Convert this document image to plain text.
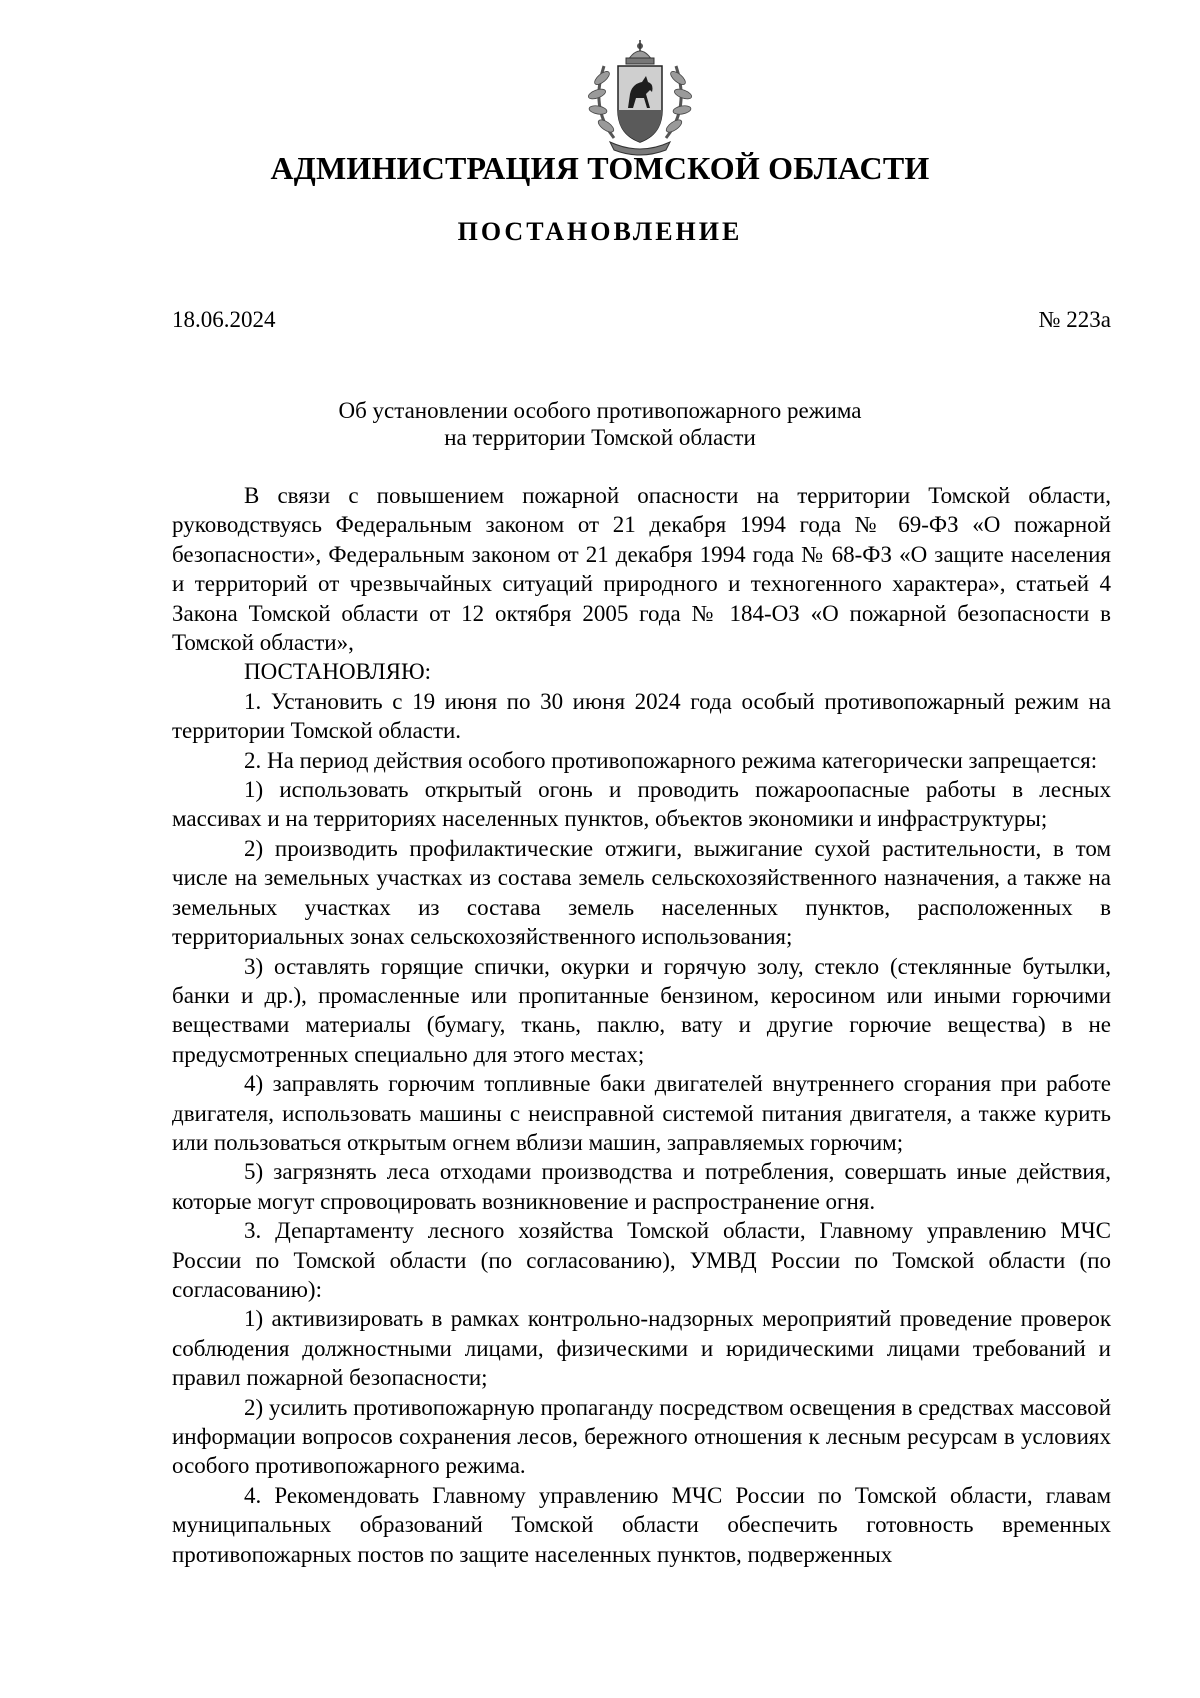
АДМИНИСТРАЦИЯ ТОМСКОЙ ОБЛАСТИ
ПОСТАНОВЛЕНИЕ
18.06.2024	№ 223а
Об установлении особого противопожарного режима
на территории Томской области

В связи с повышением пожарной опасности на территории Томской области, руководствуясь Федеральным законом от 21 декабря 1994 года № 69-ФЗ «О пожарной безопасности», Федеральным законом от 21 декабря 1994 года № 68-ФЗ «О защите населения и территорий от чрезвычайных ситуаций природного и техногенного характера», статьей 4 Закона Томской области от 12 октября 2005 года № 184-ОЗ «О пожарной безопасности в Томской области»,

ПОСТАНОВЛЯЮ:

1. Установить с 19 июня по 30 июня 2024 года особый противопожарный режим на территории Томской области.

2. На период действия особого противопожарного режима категорически запрещается:

1) использовать открытый огонь и проводить пожароопасные работы в лесных массивах и на территориях населенных пунктов, объектов экономики и инфраструктуры;

2) производить профилактические отжиги, выжигание сухой растительности, в том числе на земельных участках из состава земель сельскохозяйственного назначения, а также на земельных участках из состава земель населенных пунктов, расположенных в территориальных зонах сельскохозяйственного использования;

3) оставлять горящие спички, окурки и горячую золу, стекло (стеклянные бутылки, банки и др.), промасленные или пропитанные бензином, керосином или иными горючими веществами материалы (бумагу, ткань, паклю, вату и другие горючие вещества) в не предусмотренных специально для этого местах;

4) заправлять горючим топливные баки двигателей внутреннего сгорания при работе двигателя, использовать машины с неисправной системой питания двигателя, а также курить или пользоваться открытым огнем вблизи машин, заправляемых горючим;

5) загрязнять леса отходами производства и потребления, совершать иные действия, которые могут спровоцировать возникновение и распространение огня.

3. Департаменту лесного хозяйства Томской области, Главному управлению МЧС России по Томской области (по согласованию), УМВД России по Томской области (по согласованию):

1) активизировать в рамках контрольно-надзорных мероприятий проведение проверок соблюдения должностными лицами, физическими и юридическими лицами требований и правил пожарной безопасности;

2) усилить противопожарную пропаганду посредством освещения в средствах массовой информации вопросов сохранения лесов, бережного отношения к лесным ресурсам в условиях особого противопожарного режима.

4. Рекомендовать Главному управлению МЧС России по Томской области, главам муниципальных образований Томской области обеспечить готовность временных противопожарных постов по защите населенных пунктов, подверженных
